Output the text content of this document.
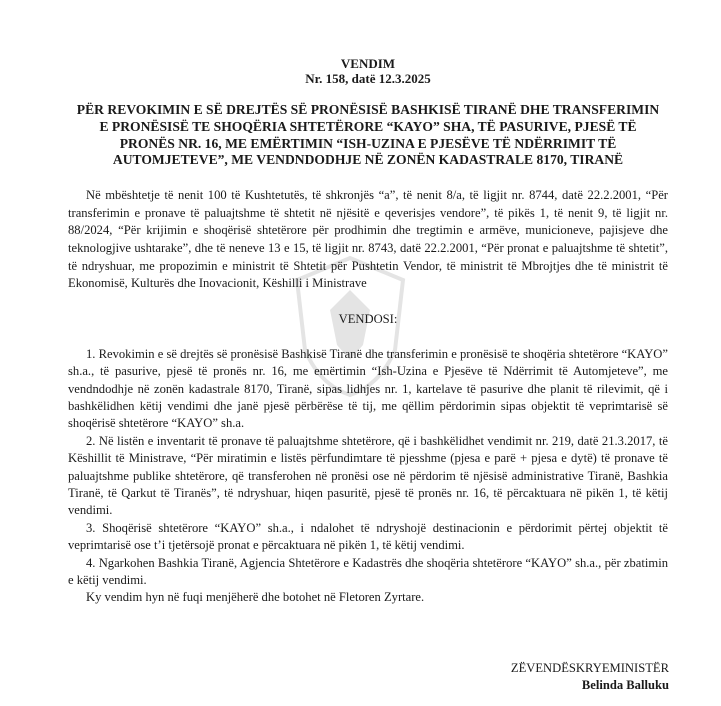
VENDIM
Nr. 158, datë 12.3.2025
PËR REVOKIMIN E SË DREJTËS SË PRONËSISË BASHKISË TIRANË DHE TRANSFERIMIN E PRONËSISË TE SHOQËRIA SHTETËRORE “KAYO” SHA, TË PASURIVE, PJESË TË PRONËS NR. 16, ME EMËRTIMIN “ISH-UZINA E PJESËVE TË NDËRRIMIT TË AUTOMJETEVE”, ME VENDNDODHJE NË ZONËN KADASTRALE 8170, TIRANË
Në mbështetje të nenit 100 të Kushtetutës, të shkronjës “a”, të nenit 8/a, të ligjit nr. 8744, datë 22.2.2001, “Për transferimin e pronave të paluajtshme të shtetit në njësitë e qeverisjes vendore”, të pikës 1, të nenit 9, të ligjit nr. 88/2024, “Për krijimin e shoqërisë shtetërore për prodhimin dhe tregtimin e armëve, municioneve, pajisjeve dhe teknologjive ushtarake”, dhe të neneve 13 e 15, të ligjit nr. 8743, datë 22.2.2001, “Për pronat e paluajtshme të shtetit”, të ndryshuar, me propozimin e ministrit të Shtetit për Pushtetin Vendor, të ministrit të Mbrojtjes dhe të ministrit të Ekonomisë, Kulturës dhe Inovacionit, Këshilli i Ministrave
VENDOSI:
1. Revokimin e së drejtës së pronësisë Bashkisë Tiranë dhe transferimin e pronësisë te shoqëria shtetërore “KAYO” sh.a., të pasurive, pjesë të pronës nr. 16, me emërtimin “Ish-Uzina e Pjesëve të Ndërrimit të Automjeteve”, me vendndodhje në zonën kadastrale 8170, Tiranë, sipas lidhjes nr. 1, kartelave të pasurive dhe planit të rilevimit, që i bashkëlidhen këtij vendimi dhe janë pjesë përbërëse të tij, me qëllim përdorimin sipas objektit të veprimtarisë së shoqërisë shtetërore “KAYO” sh.a.
2. Në listën e inventarit të pronave të paluajtshme shtetërore, që i bashkëlidhet vendimit nr. 219, datë 21.3.2017, të Këshillit të Ministrave, “Për miratimin e listës përfundimtare të pjesshme (pjesa e parë + pjesa e dytë) të pronave të paluajtshme publike shtetërore, që transferohen në pronësi ose në përdorim të njësisë administrative Tiranë, Bashkia Tiranë, të Qarkut të Tiranës”, të ndryshuar, hiqen pasuritë, pjesë të pronës nr. 16, të përcaktuara në pikën 1, të këtij vendimi.
3. Shoqërisë shtetërore “KAYO” sh.a., i ndalohet të ndryshojë destinacionin e përdorimit përtej objektit të veprimtarisë ose t’i tjetërsojë pronat e përcaktuara në pikën 1, të këtij vendimi.
4. Ngarkohen Bashkia Tiranë, Agjencia Shtetërore e Kadastrës dhe shoqëria shtetërore “KAYO” sh.a., për zbatimin e këtij vendimi.
Ky vendim hyn në fuqi menjëherë dhe botohet në Fletoren Zyrtare.
ZËVENDËSKRYEMINISTËR
Belinda Balluku
